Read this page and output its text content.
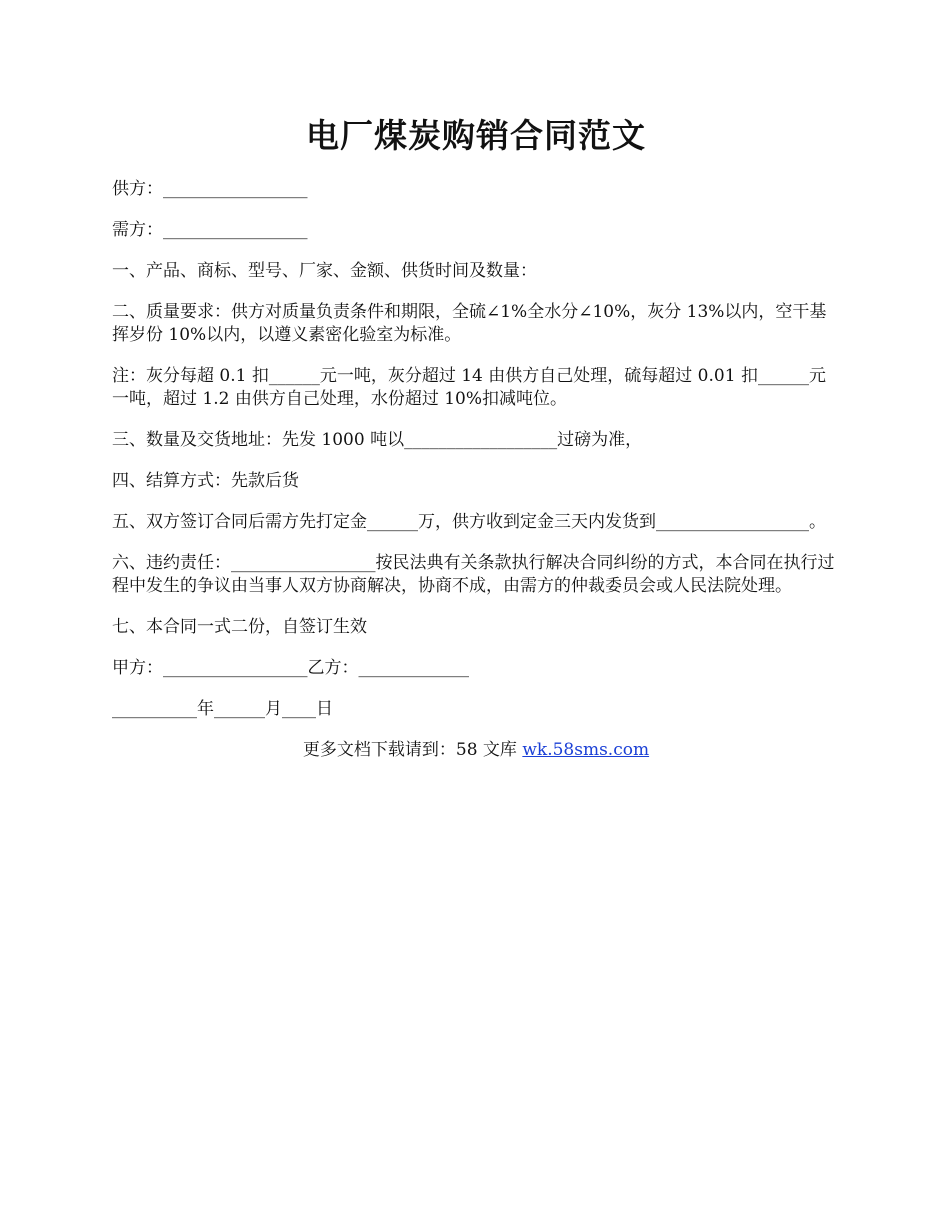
电厂煤炭购销合同范文

供方：_________________

需方：_________________

一、产品、商标、型号、厂家、金额、供货时间及数量：

二、质量要求：供方对质量负责条件和期限，全硫∠1%全水分∠10%，灰分 13%以内，空干基挥岁份 10%以内，以遵义素密化验室为标准。

注：灰分每超 0.1 扣______元一吨，灰分超过 14 由供方自己处理，硫每超过 0.01 扣______元一吨，超过 1.2 由供方自己处理，水份超过 10%扣减吨位。

三、数量及交货地址：先发 1000 吨以__________________过磅为准，

四、结算方式：先款后货

五、双方签订合同后需方先打定金______万，供方收到定金三天内发货到__________________。

六、违约责任：_________________按民法典有关条款执行解决合同纠纷的方式，本合同在执行过程中发生的争议由当事人双方协商解决，协商不成，由需方的仲裁委员会或人民法院处理。

七、本合同一式二份，自签订生效

甲方：_________________乙方：_____________

__________年______月____日

更多文档下载请到：58 文库 wk.58sms.com
